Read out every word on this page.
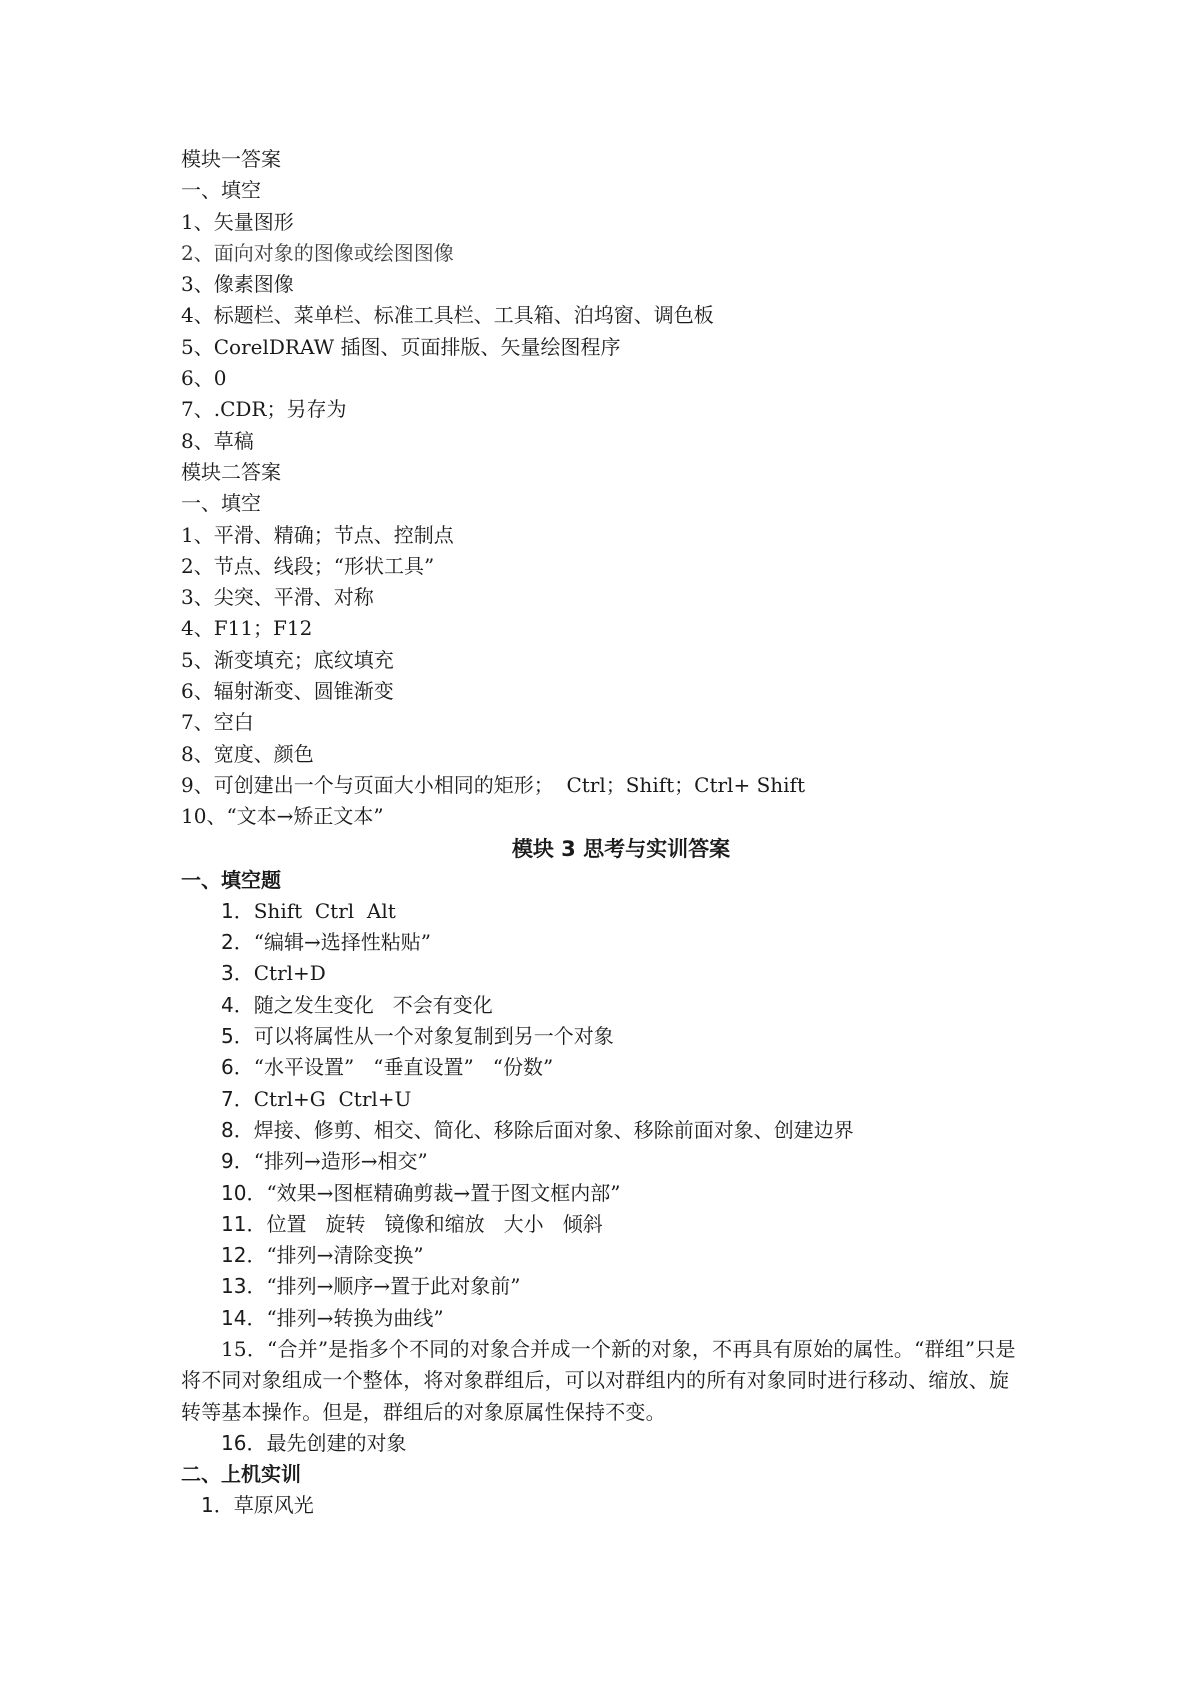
模块一答案
一、填空
1、矢量图形
2、面向对象的图像或绘图图像
3、像素图像
4、标题栏、菜单栏、标准工具栏、工具箱、泊坞窗、调色板
5、CorelDRAW 插图、页面排版、矢量绘图程序
6、0
7、.CDR；另存为
8、草稿
模块二答案
一、填空
1、平滑、精确；节点、控制点
2、节点、线段；“形状工具”
3、尖突、平滑、对称
4、F11；F12
5、渐变填充；底纹填充
6、辐射渐变、圆锥渐变
7、空白
8、宽度、颜色
9、可创建出一个与页面大小相同的矩形；  Ctrl；Shift；Ctrl+ Shift
10、“文本→矫正文本”
模块 3 思考与实训答案
一、填空题
1．Shift  Ctrl  Alt
2．“编辑→选择性粘贴”
3．Ctrl+D
4．随之发生变化   不会有变化
5．可以将属性从一个对象复制到另一个对象
6．“水平设置”   “垂直设置”   “份数”
7．Ctrl+G  Ctrl+U
8．焊接、修剪、相交、简化、移除后面对象、移除前面对象、创建边界
9．“排列→造形→相交”
10．“效果→图框精确剪裁→置于图文框内部”
11．位置   旋转   镜像和缩放   大小   倾斜
12．“排列→清除变换”
13．“排列→顺序→置于此对象前”
14．“排列→转换为曲线”

15．“合并”是指多个不同的对象合并成一个新的对象，不再具有原始的属性。“群组”只是将不同对象组成一个整体，将对象群组后，可以对群组内的所有对象同时进行移动、缩放、旋转等基本操作。但是，群组后的对象原属性保持不变。

16．最先创建的对象
二、上机实训
1．草原风光
